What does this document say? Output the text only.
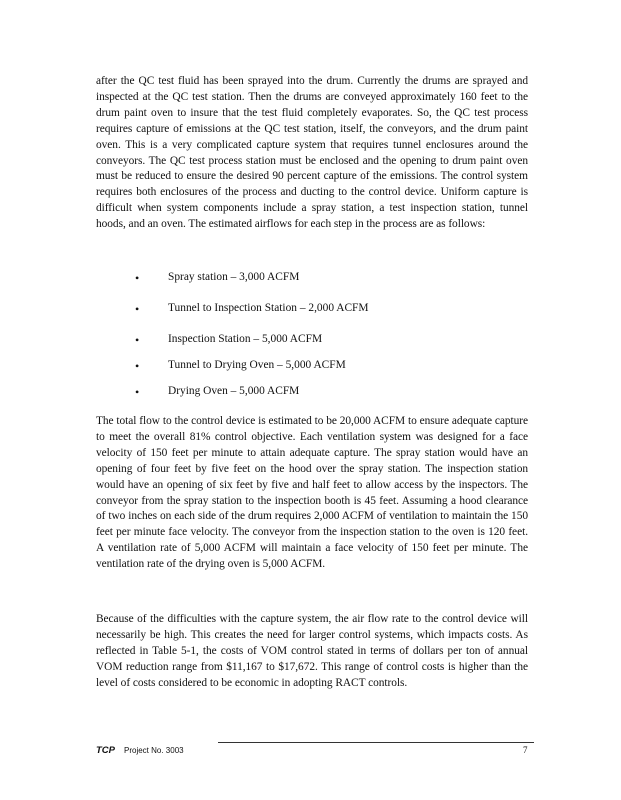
after the QC test fluid has been sprayed into the drum. Currently the drums are sprayed and inspected at the QC test station. Then the drums are conveyed approximately 160 feet to the drum paint oven to insure that the test fluid completely evaporates. So, the QC test process requires capture of emissions at the QC test station, itself, the conveyors, and the drum paint oven. This is a very complicated capture system that requires tunnel enclosures around the conveyors. The QC test process station must be enclosed and the opening to drum paint oven must be reduced to ensure the desired 90 percent capture of the emissions. The control system requires both enclosures of the process and ducting to the control device. Uniform capture is difficult when system components include a spray station, a test inspection station, tunnel hoods, and an oven. The estimated airflows for each step in the process are as follows:

• Spray station – 3,000 ACFM
• Tunnel to Inspection Station – 2,000 ACFM
• Inspection Station – 5,000 ACFM
• Tunnel to Drying Oven – 5,000 ACFM
• Drying Oven – 5,000 ACFM

The total flow to the control device is estimated to be 20,000 ACFM to ensure adequate capture to meet the overall 81% control objective. Each ventilation system was designed for a face velocity of 150 feet per minute to attain adequate capture. The spray station would have an opening of four feet by five feet on the hood over the spray station. The inspection station would have an opening of six feet by five and half feet to allow access by the inspectors. The conveyor from the spray station to the inspection booth is 45 feet. Assuming a hood clearance of two inches on each side of the drum requires 2,000 ACFM of ventilation to maintain the 150 feet per minute face velocity. The conveyor from the inspection station to the oven is 120 feet. A ventilation rate of 5,000 ACFM will maintain a face velocity of 150 feet per minute. The ventilation rate of the drying oven is 5,000 ACFM.

Because of the difficulties with the capture system, the air flow rate to the control device will necessarily be high. This creates the need for larger control systems, which impacts costs. As reflected in Table 5-1, the costs of VOM control stated in terms of dollars per ton of annual VOM reduction range from $11,167 to $17,672. This range of control costs is higher than the level of costs considered to be economic in adopting RACT controls.

TCP Project No. 3003	7
